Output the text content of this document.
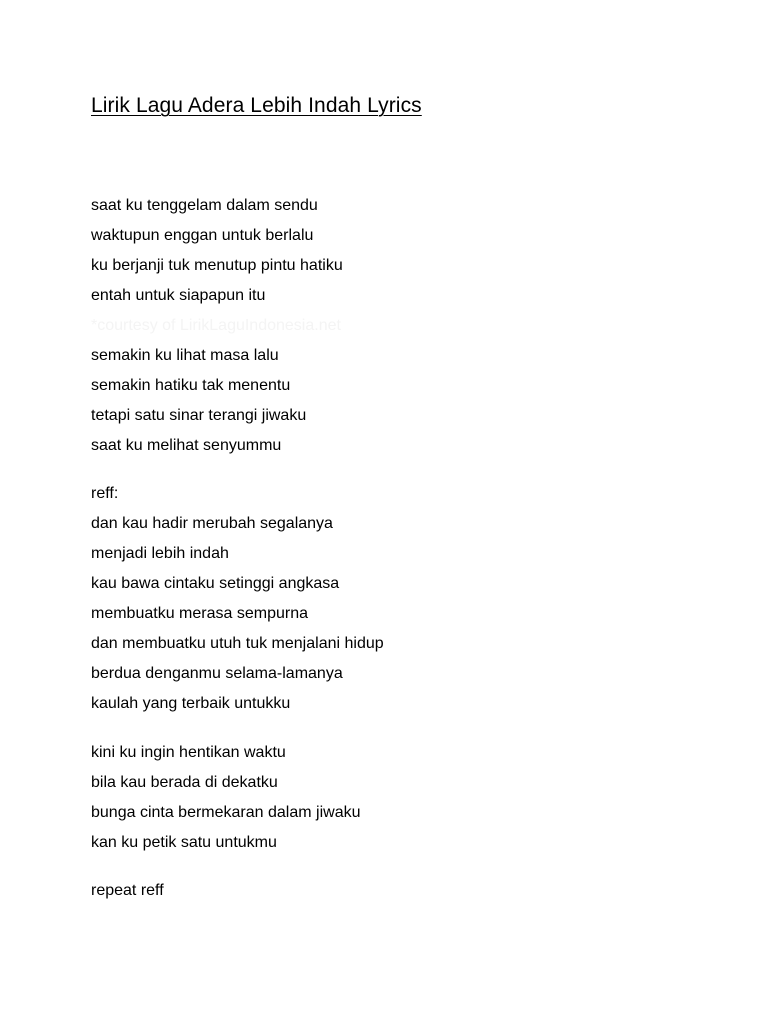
Lirik Lagu Adera Lebih Indah Lyrics
saat ku tenggelam dalam sendu
waktupun enggan untuk berlalu
ku berjanji tuk menutup pintu hatiku
entah untuk siapapun itu
*courtesy of LirikLaguIndonesia.net
semakin ku lihat masa lalu
semakin hatiku tak menentu
tetapi satu sinar terangi jiwaku
saat ku melihat senyummu
reff:
dan kau hadir merubah segalanya
menjadi lebih indah
kau bawa cintaku setinggi angkasa
membuatku merasa sempurna
dan membuatku utuh tuk menjalani hidup
berdua denganmu selama-lamanya
kaulah yang terbaik untukku
kini ku ingin hentikan waktu
bila kau berada di dekatku
bunga cinta bermekaran dalam jiwaku
kan ku petik satu untukmu
repeat reff
